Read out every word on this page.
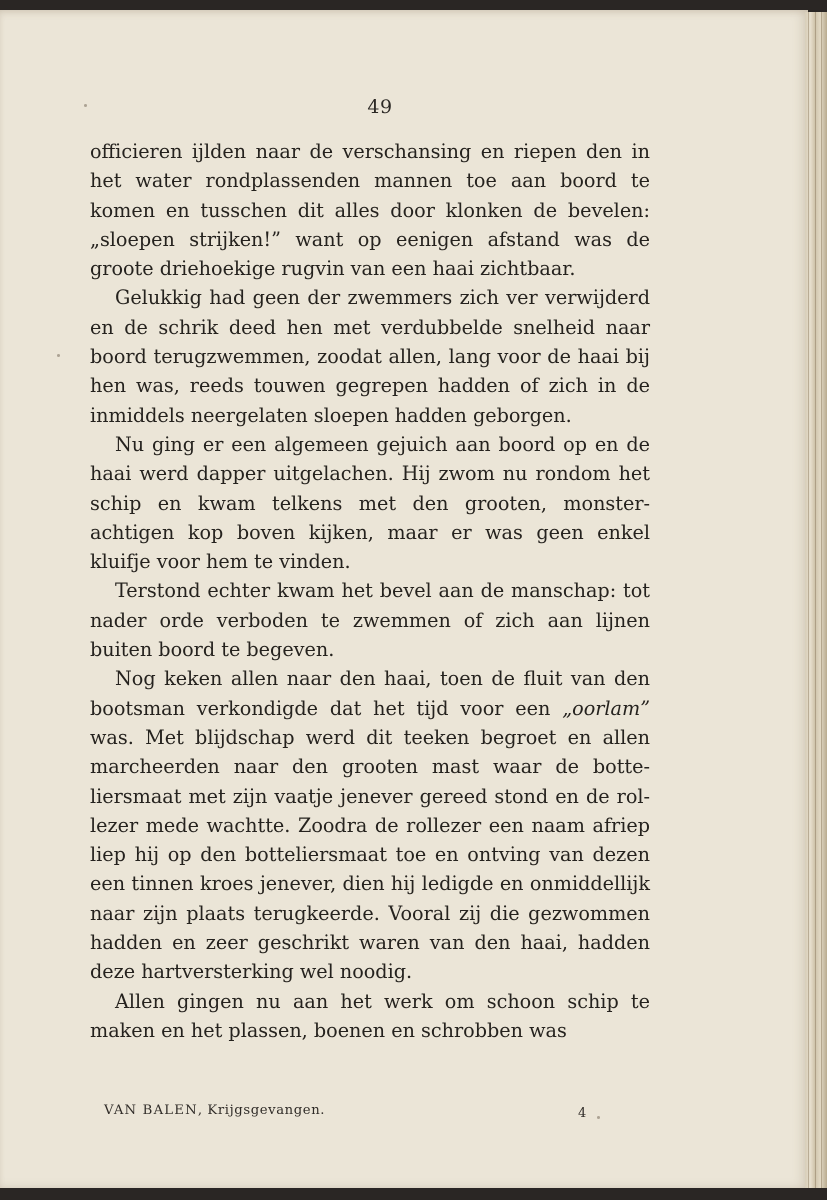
49

officieren ijlden naar de verschansing en riepen den in het water rondplassenden mannen toe aan boord te komen en tusschen dit alles door klonken de bevelen: „sloepen strijken!” want op eenigen afstand was de groote driehoekige rugvin van een haai zichtbaar.

Gelukkig had geen der zwemmers zich ver verwijderd en de schrik deed hen met verdubbelde snelheid naar boord terugzwemmen, zoodat allen, lang voor de haai bij hen was, reeds touwen gegrepen hadden of zich in de inmiddels neergelaten sloepen hadden geborgen.

Nu ging er een algemeen gejuich aan boord op en de haai werd dapper uitgelachen. Hij zwom nu rondom het schip en kwam telkens met den grooten, monsterachtigen kop boven kijken, maar er was geen enkel kluifje voor hem te vinden.

Terstond echter kwam het bevel aan de manschap: tot nader orde verboden te zwemmen of zich aan lijnen buiten boord te begeven.

Nog keken allen naar den haai, toen de fluit van den bootsman verkondigde dat het tijd voor een „oorlam” was. Met blijdschap werd dit teeken begroet en allen marcheerden naar den grooten mast waar de botteliersmaat met zijn vaatje jenever gereed stond en de rollezer mede wachtte. Zoodra de rollezer een naam afriep liep hij op den botteliersmaat toe en ontving van dezen een tinnen kroes jenever, dien hij ledigde en onmiddellijk naar zijn plaats terugkeerde. Vooral zij die gezwommen hadden en zeer geschrikt waren van den haai, hadden deze hartversterking wel noodig.

Allen gingen nu aan het werk om schoon schip te maken en het plassen, boenen en schrobben was

VAN BALEN, Krijgsgevangen.	4
